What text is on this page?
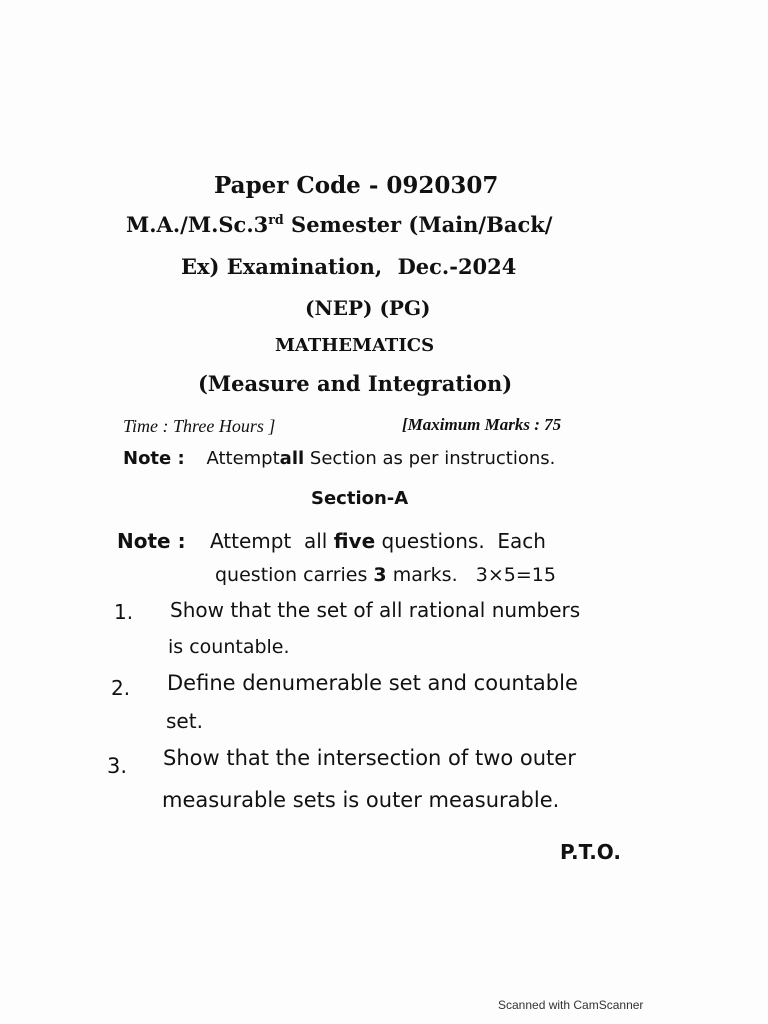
Paper Code - 0920307
M.A./M.Sc.3rd Semester (Main/Back/
Ex) Examination, Dec.-2024
(NEP) (PG)
MATHEMATICS
(Measure and Integration)
Time : Three Hours ]	[Maximum Marks : 75
Note : Attemptall Section as per instructions.
Section-A
Note : Attempt  all five questions.  Each
question carries 3 marks.   3×5=15
1. Show that the set of all rational numbers
is countable.
2. Define denumerable set and countable
set.
3. Show that the intersection of two outer
measurable sets is outer measurable.
P.T.O.
Scanned with CamScanner
